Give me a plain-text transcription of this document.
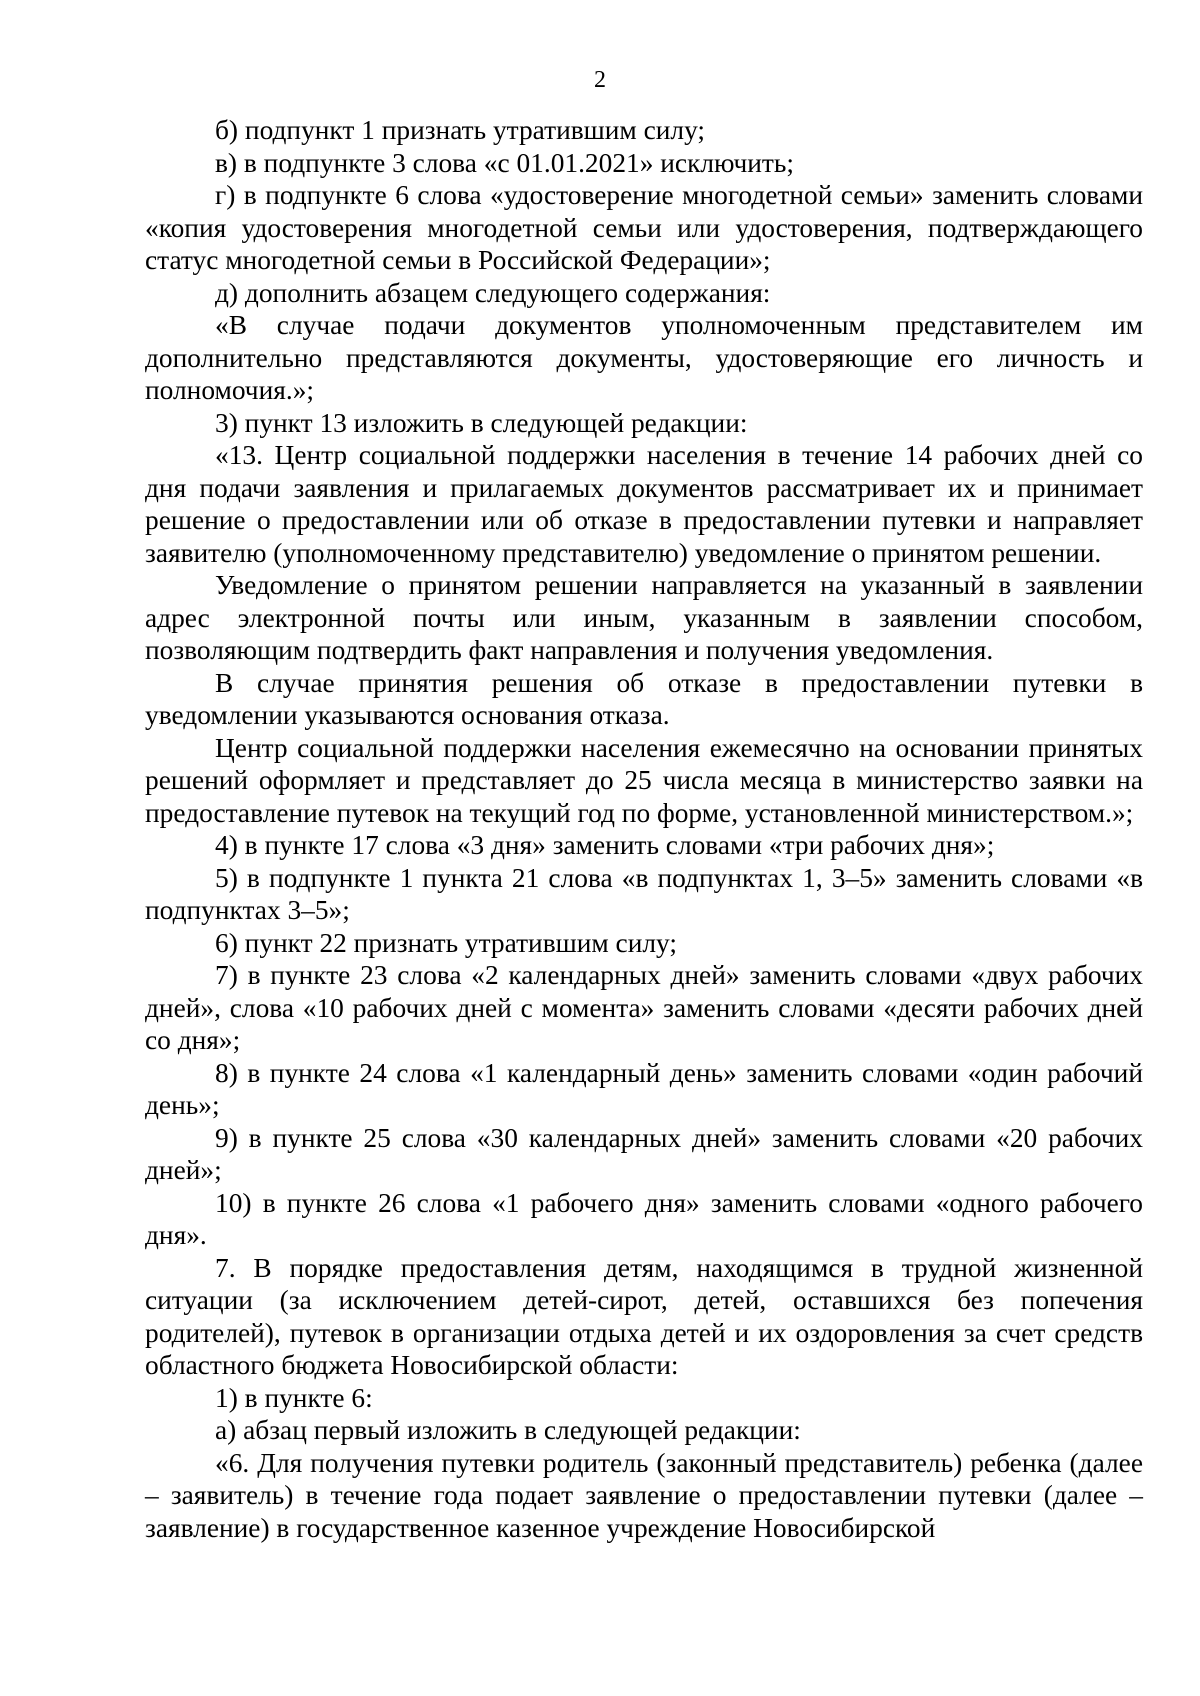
2

б) подпункт 1 признать утратившим силу;

в) в подпункте 3 слова «с 01.01.2021» исключить;

г) в подпункте 6 слова «удостоверение многодетной семьи» заменить словами «копия удостоверения многодетной семьи или удостоверения, подтверждающего статус многодетной семьи в Российской Федерации»;

д) дополнить абзацем следующего содержания:

«В случае подачи документов уполномоченным представителем им дополнительно представляются документы, удостоверяющие его личность и полномочия.»;

3) пункт 13 изложить в следующей редакции:

«13. Центр социальной поддержки населения в течение 14 рабочих дней со дня подачи заявления и прилагаемых документов рассматривает их и принимает решение о предоставлении или об отказе в предоставлении путевки и направляет заявителю (уполномоченному представителю) уведомление о принятом решении.

Уведомление о принятом решении направляется на указанный в заявлении адрес электронной почты или иным, указанным в заявлении способом, позволяющим подтвердить факт направления и получения уведомления.

В случае принятия решения об отказе в предоставлении путевки в уведомлении указываются основания отказа.

Центр социальной поддержки населения ежемесячно на основании принятых решений оформляет и представляет до 25 числа месяца в министерство заявки на предоставление путевок на текущий год по форме, установленной министерством.»;

4) в пункте 17 слова «3 дня» заменить словами «три рабочих дня»;

5) в подпункте 1 пункта 21 слова «в подпунктах 1, 3–5» заменить словами «в подпунктах 3–5»;

6) пункт 22 признать утратившим силу;

7) в пункте 23 слова «2 календарных дней» заменить словами «двух рабочих дней», слова «10 рабочих дней с момента» заменить словами «десяти рабочих дней со дня»;

8) в пункте 24 слова «1 календарный день» заменить словами «один рабочий день»;

9) в пункте 25 слова «30 календарных дней» заменить словами «20 рабочих дней»;

10) в пункте 26 слова «1 рабочего дня» заменить словами «одного рабочего дня».

7. В порядке предоставления детям, находящимся в трудной жизненной ситуации (за исключением детей-сирот, детей, оставшихся без попечения родителей), путевок в организации отдыха детей и их оздоровления за счет средств областного бюджета Новосибирской области:

1) в пункте 6:

а) абзац первый изложить в следующей редакции:

«6. Для получения путевки родитель (законный представитель) ребенка (далее – заявитель) в течение года подает заявление о предоставлении путевки (далее – заявление) в государственное казенное учреждение Новосибирской
